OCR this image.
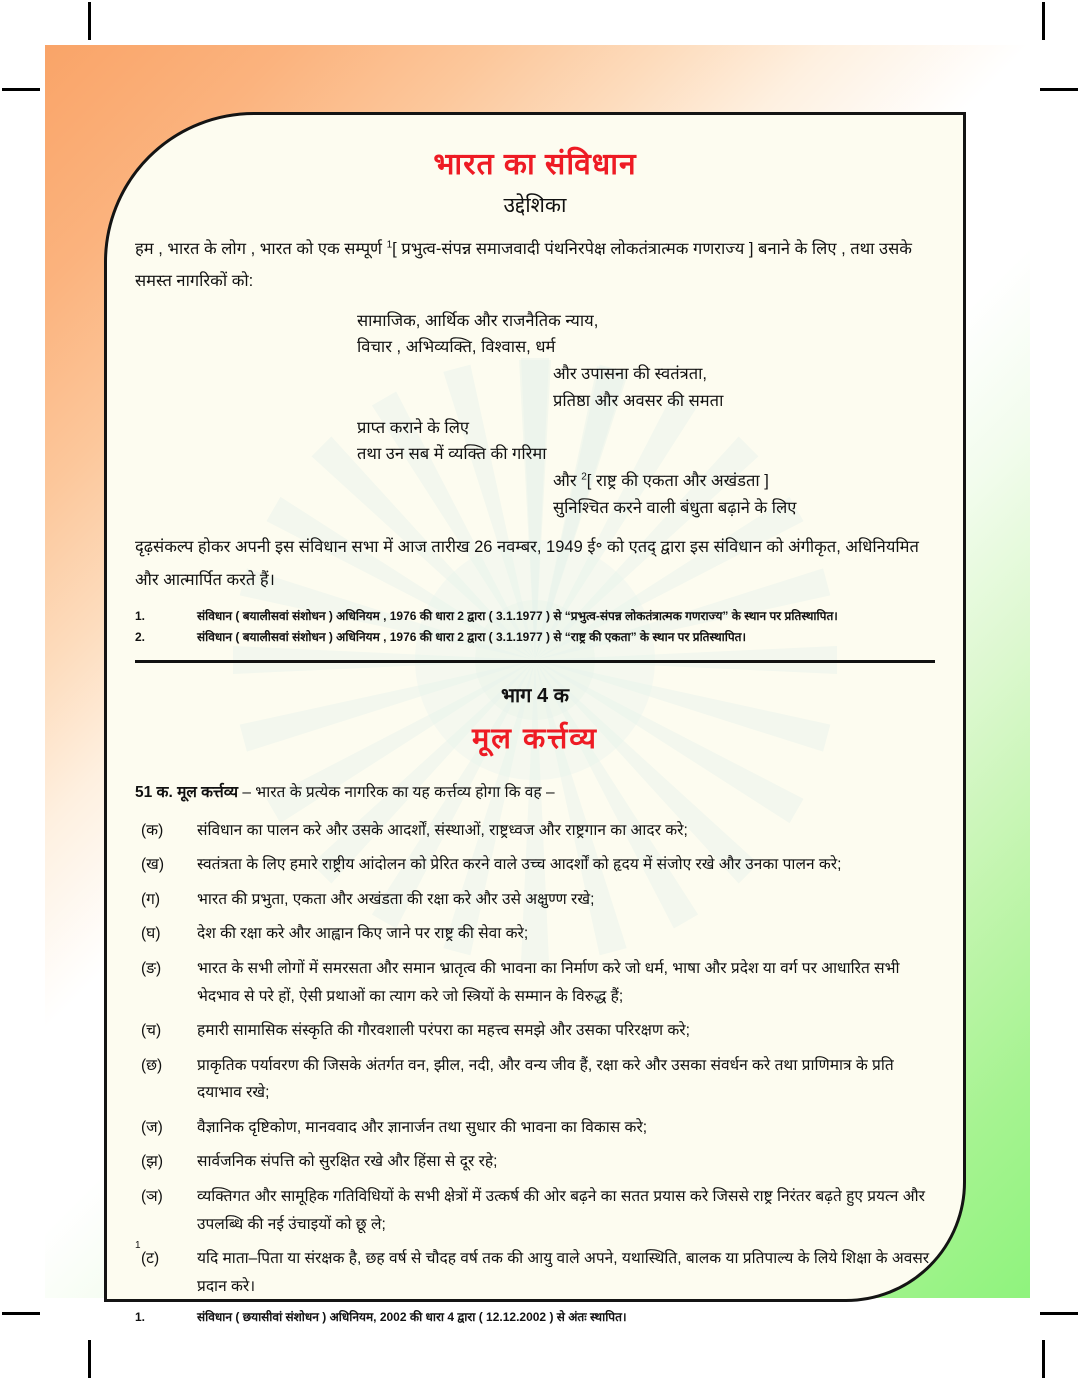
भारत का संविधान
उद्देशिका

हम , भारत के लोग , भारत को एक सम्पूर्ण $^1$[ प्रभुत्व-संपन्न समाजवादी पंथनिरपेक्ष लोकतंत्रात्मक गणराज्य ] बनाने के लिए , तथा उसके समस्त नागरिकों को:

सामाजिक, आर्थिक और राजनैतिक न्याय,
विचार , अभिव्यक्ति, विश्वास, धर्म
और उपासना की स्वतंत्रता,
प्रतिष्ठा और अवसर की समता
प्राप्त कराने के लिए
तथा उन सब में व्यक्ति की गरिमा
और $^2$[ राष्ट्र की एकता और अखंडता ]
सुनिश्चित करने वाली बंधुता बढ़ाने के लिए

दृढ़संकल्प होकर अपनी इस संविधान सभा में आज तारीख 26 नवम्बर, 1949 ई॰ को एतद् द्वारा इस संविधान को अंगीकृत, अधिनियमित और आत्मार्पित करते हैं।

1.	संविधान ( बयालीसवां संशोधन ) अधिनियम , 1976 की धारा 2 द्वारा ( 3.1.1977 ) से “प्रभुत्व-संपन्न लोकतंत्रात्मक गणराज्य” के स्थान पर प्रतिस्थापित।
2.	संविधान ( बयालीसवां संशोधन ) अधिनियम , 1976 की धारा 2 द्वारा ( 3.1.1977 ) से “राष्ट्र की एकता” के स्थान पर प्रतिस्थापित।
भाग 4 क
मूल कर्त्तव्य

51 क. मूल कर्त्तव्य – भारत के प्रत्येक नागरिक का यह कर्त्तव्य होगा कि वह –

(क)	संविधान का पालन करे और उसके आदर्शों, संस्थाओं, राष्ट्रध्वज और राष्ट्रगान का आदर करे;
(ख)	स्वतंत्रता के लिए हमारे राष्ट्रीय आंदोलन को प्रेरित करने वाले उच्च आदर्शों को हृदय में संजोए रखे और उनका पालन करे;
(ग)	भारत की प्रभुता, एकता और अखंडता की रक्षा करे और उसे अक्षुण्ण रखे;
(घ)	देश की रक्षा करे और आह्वान किए जाने पर राष्ट्र की सेवा करे;
(ङ)	भारत के सभी लोगों में समरसता और समान भ्रातृत्व की भावना का निर्माण करे जो धर्म, भाषा और प्रदेश या वर्ग पर आधारित सभी भेदभाव से परे हों, ऐसी प्रथाओं का त्याग करे जो स्त्रियों के सम्मान के विरुद्ध हैं;
(च)	हमारी सामासिक संस्कृति की गौरवशाली परंपरा का महत्त्व समझे और उसका परिरक्षण करे;
(छ)	प्राकृतिक पर्यावरण की जिसके अंतर्गत वन, झील, नदी, और वन्य जीव हैं, रक्षा करे और उसका संवर्धन करे तथा प्राणिमात्र के प्रति दयाभाव रखे;
(ज)	वैज्ञानिक दृष्टिकोण, मानववाद और ज्ञानार्जन तथा सुधार की भावना का विकास करे;
(झ)	सार्वजनिक संपत्ति को सुरक्षित रखे और हिंसा से दूर रहे;
(ञ)	व्यक्तिगत और सामूहिक गतिविधियों के सभी क्षेत्रों में उत्कर्ष की ओर बढ़ने का सतत प्रयास करे जिससे राष्ट्र निरंतर बढ़ते हुए प्रयत्न और उपलब्धि की नई उंचाइयों को छू ले;
1
(ट)	यदि माता–पिता या संरक्षक है, छह वर्ष से चौदह वर्ष तक की आयु वाले अपने, यथास्थिति, बालक या प्रतिपाल्य के लिये शिक्षा के अवसर प्रदान करे।
1.	संविधान ( छयासीवां संशोधन ) अधिनियम, 2002 की धारा 4 द्वारा ( 12.12.2002 ) से अंतः स्थापित।
